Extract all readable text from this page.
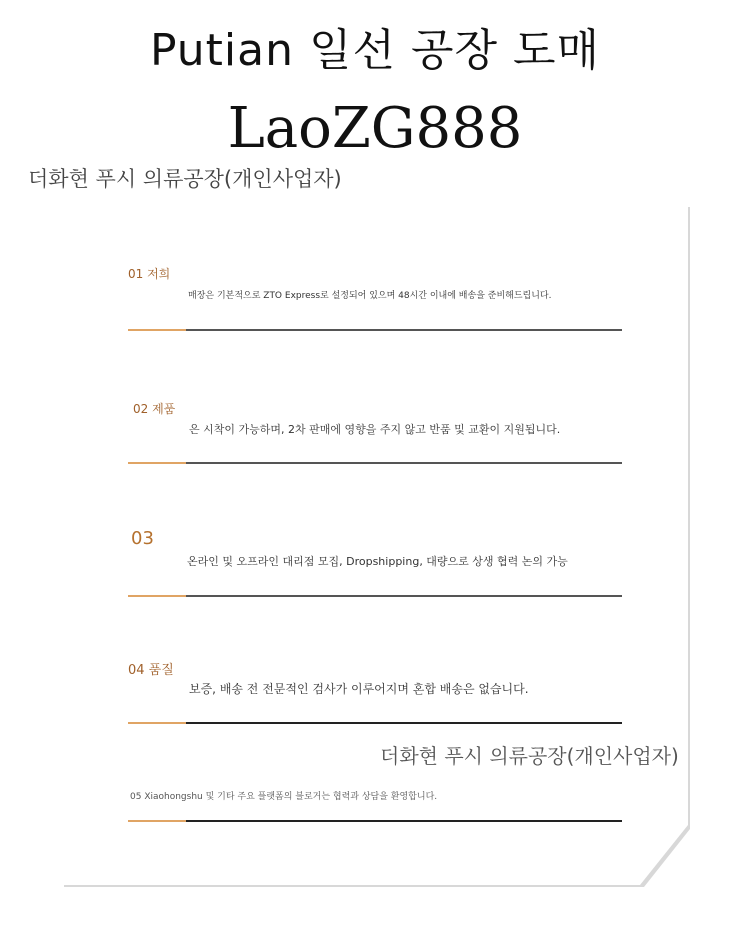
Putian 일선 공장 도매
LaoZG888
더화현 푸시 의류공장(개인사업자)
01 저희
매장은 기본적으로 ZTO Express로 설정되어 있으며 48시간 이내에 배송을 준비해드립니다.
02 제품
은 시착이 가능하며, 2차 판매에 영향을 주지 않고 반품 및 교환이 지원됩니다.
03
온라인 및 오프라인 대리점 모집, Dropshipping, 대량으로 상생 협력 논의 가능
04 품질
보증, 배송 전 전문적인 검사가 이루어지며 혼합 배송은 없습니다.
더화현 푸시 의류공장(개인사업자)
05 Xiaohongshu 및 기타 주요 플랫폼의 블로거는 협력과 상담을 환영합니다.
